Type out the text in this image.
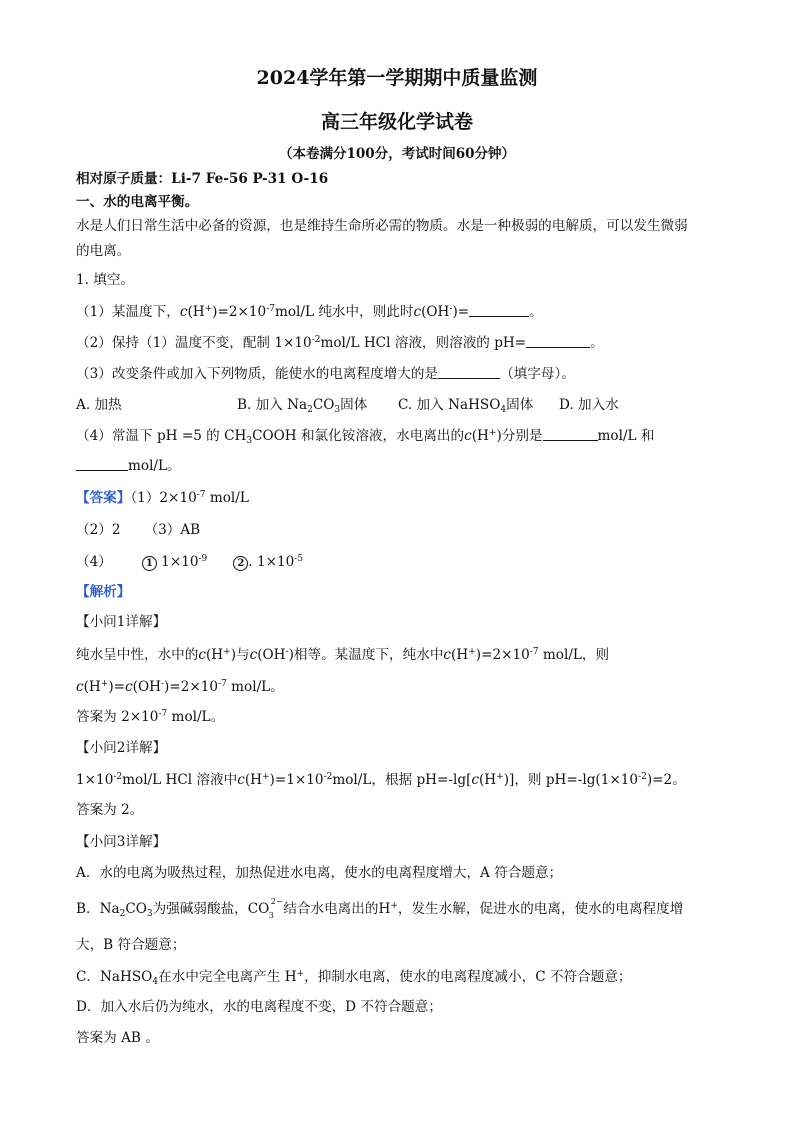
2024学年第一学期期中质量监测
高三年级化学试卷
（本卷满分100分，考试时间60分钟）
相对原子质量：Li-7 Fe-56 P-31 O-16
一、水的电离平衡。
水是人们日常生活中必备的资源，也是维持生命所必需的物质。水是一种极弱的电解质，可以发生微弱
的电离。
1. 填空。
（1）某温度下，$c(H^+)=2\times 10^{-7}mol/L$ 纯水中，则此时c(OH-)=	。
（2）保持（1）温度不变，配制 $1\times 10^{-2}mol/L$ HCl 溶液，则溶液的 pH=	。
（3）改变条件或加入下列物质，能使水的电离程度增大的是	（填字母）。
A. 加热	B. 加入 $Na_2CO_3$固体 C. 加入 NaHSO$_4$固体 D. 加入水
（4）常温下 pH =5 的 $CH_3COOH$ 和氯化铵溶液，水电离出的c(H+)分别是	mol/L 和
mol/L。
【答案】$(1)2\times 10^{-7}$ mol/L
（2）2 （3）AB
（4）	1 $1\times 10^{-9}$	2 . $1\times 10^{-5}$
【解析】
【小问1详解】
纯水呈中性，水中的c(H+)与c(OH-)相等。某温度下，纯水中$c(H^+)=2\times 10^{-7}$ mol/L，则
$c(H^+)=c(OH^-)=2\times 10^{-7}$ mol/L。
答案为 $2\times 10^{-7}$ mol/L。
【小问2详解】
$1\times 10^{-2}mol/L$ HCl 溶液中$c(H^+)=1\times 10^{-2}mol/L$，根据 pH=-lg[c(H+)]，则 $pH=-\lg(1\times 10^{-2})=2$。
答案为 2。
【小问3详解】
A．水的电离为吸热过程，加热促进水电离，使水的电离程度增大，A 符合题意；
B．$Na_2CO_3$为强碱弱酸盐，CO 2−
3 结合水电离出的H+，发生水解，促进水的电离，使水的电离程度增
大，B 符合题意；
C．NaHSO$_4$在水中完全电离产生 H+，抑制水电离，使水的电离程度减小，C 不符合题意；
D．加入水后仍为纯水，水的电离程度不变，D 不符合题意；
答案为 AB 。
